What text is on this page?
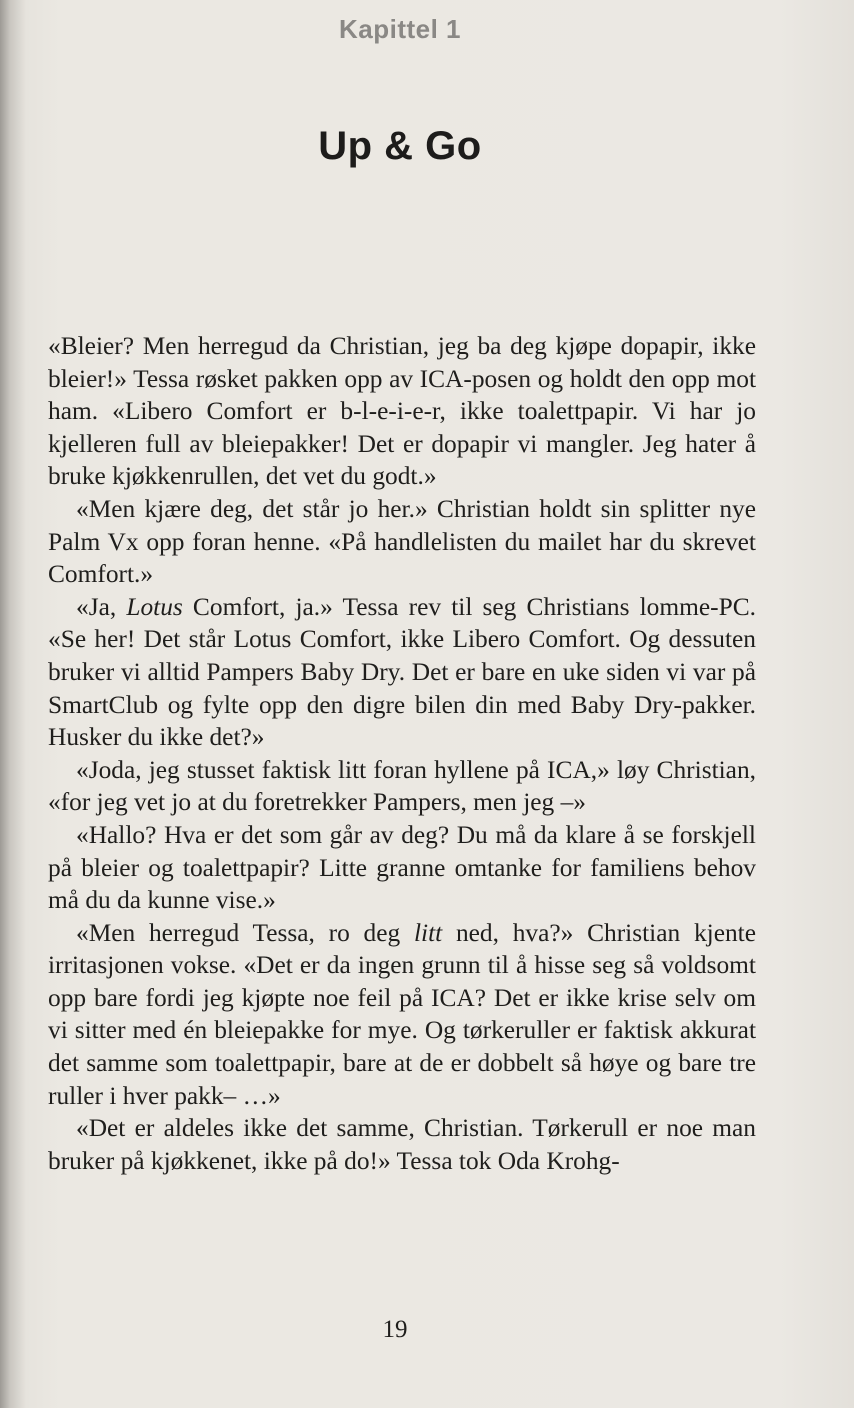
Kapittel 1
Up & Go

«Bleier? Men herregud da Christian, jeg ba deg kjøpe dopapir, ikke bleier!» Tessa røsket pakken opp av ICA-posen og holdt den opp mot ham. «Libero Comfort er b-l-e-i-e-r, ikke toalettpapir. Vi har jo kjelleren full av bleiepakker! Det er dopapir vi mangler. Jeg hater å bruke kjøkkenrullen, det vet du godt.»

«Men kjære deg, det står jo her.» Christian holdt sin splitter nye Palm Vx opp foran henne. «På handlelisten du mailet har du skrevet Comfort.»

«Ja, Lotus Comfort, ja.» Tessa rev til seg Christians lomme-PC. «Se her! Det står Lotus Comfort, ikke Libero Comfort. Og dessuten bruker vi alltid Pampers Baby Dry. Det er bare en uke siden vi var på SmartClub og fylte opp den digre bilen din med Baby Dry-pakker. Husker du ikke det?»

«Joda, jeg stusset faktisk litt foran hyllene på ICA,» løy Christian, «for jeg vet jo at du foretrekker Pampers, men jeg –»

«Hallo? Hva er det som går av deg? Du må da klare å se forskjell på bleier og toalettpapir? Litte granne omtanke for familiens behov må du da kunne vise.»

«Men herregud Tessa, ro deg litt ned, hva?» Christian kjente irritasjonen vokse. «Det er da ingen grunn til å hisse seg så voldsomt opp bare fordi jeg kjøpte noe feil på ICA? Det er ikke krise selv om vi sitter med én bleiepakke for mye. Og tørkeruller er faktisk akkurat det samme som toalettpapir, bare at de er dobbelt så høye og bare tre ruller i hver pakk– …»

«Det er aldeles ikke det samme, Christian. Tørkerull er noe man bruker på kjøkkenet, ikke på do!» Tessa tok Oda Krohg-

19
